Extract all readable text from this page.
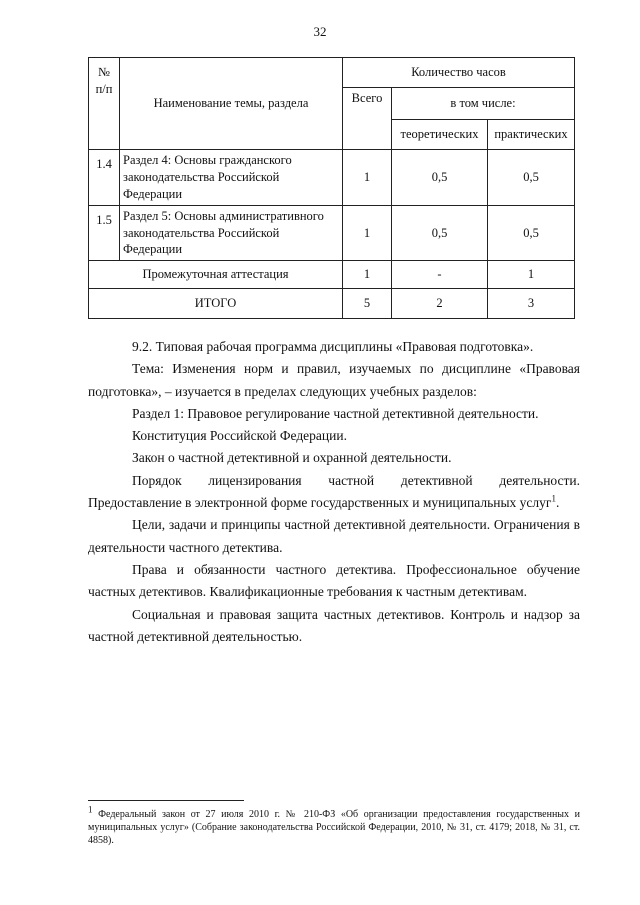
32
№ п/п	Наименование темы, раздела	Количество часов		
		Всего	в том числе:	
			теоретических	практических
1.4	Раздел 4: Основы гражданского законодательства Российской Федерации	1	0,5	0,5
1.5	Раздел 5: Основы административного законодательства Российской Федерации	1	0,5	0,5
Промежуточная аттестация		1	-	1
ИТОГО		5	2	3

9.2. Типовая рабочая программа дисциплины «Правовая подготовка».

Тема: Изменения норм и правил, изучаемых по дисциплине «Правовая подготовка», – изучается в пределах следующих учебных разделов:

Раздел 1: Правовое регулирование частной детективной деятельности.

Конституция Российской Федерации.

Закон о частной детективной и охранной деятельности.

Порядок лицензирования частной детективной деятельности. Предоставление в электронной форме государственных и муниципальных услуг$^1$.

Цели, задачи и принципы частной детективной деятельности. Ограничения в деятельности частного детектива.

Права и обязанности частного детектива. Профессиональное обучение частных детективов. Квалификационные требования к частным детективам.

Социальная и правовая защита частных детективов. Контроль и надзор за частной детективной деятельностью.

$^1$ Федеральный закон от 27 июля 2010 г. № 210-ФЗ «Об организации предоставления государственных и муниципальных услуг» (Собрание законодательства Российской Федерации, 2010, № 31, ст. 4179; 2018, № 31, ст. 4858).
